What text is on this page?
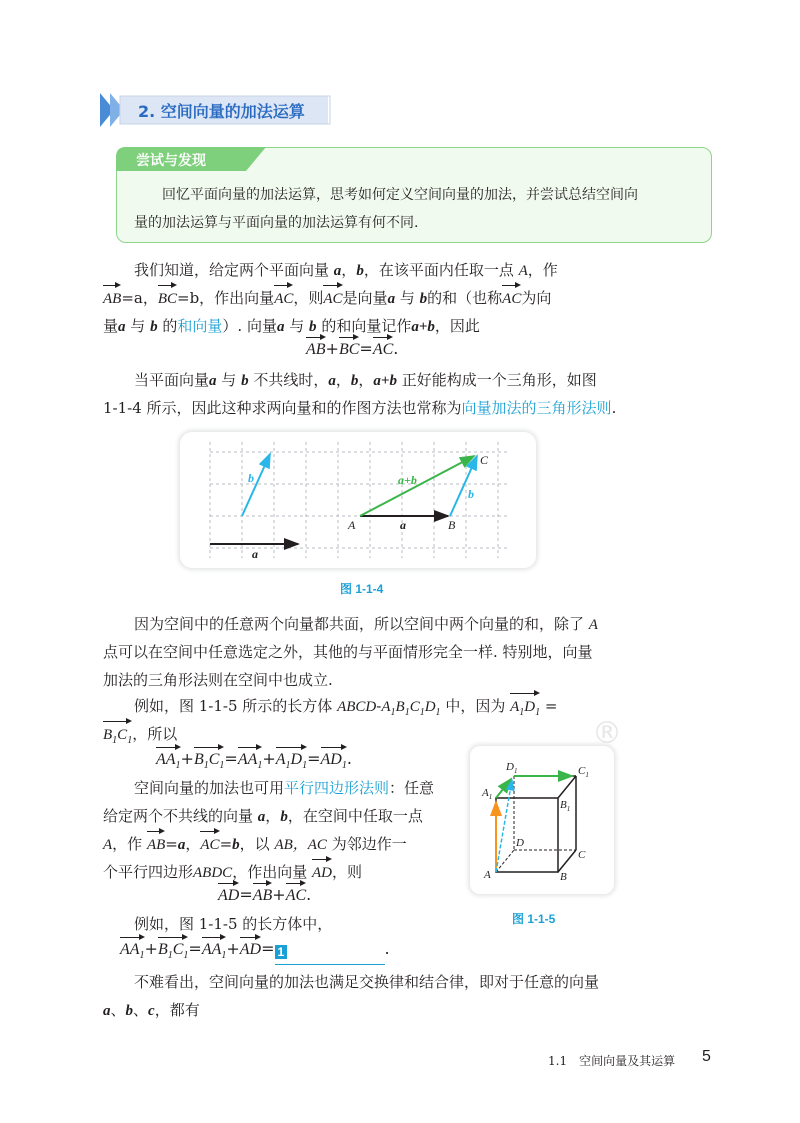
2. 空间向量的加法运算
尝试与发现
回忆平面向量的加法运算，思考如何定义空间向量的加法，并尝试总结空间向
量的加法运算与平面向量的加法运算有何不同.
我们知道，给定两个平面向量 a，b，在该平面内任取一点 A，作
AB=a，BC=b，作出向量AC，则AC是向量a 与 b的和（也称AC为向
量a 与 b 的和向量）. 向量a 与 b 的和向量记作a+b，因此
AB+BC=AC.
当平面向量a 与 b 不共线时，a，b，a+b 正好能构成一个三角形，如图
1-1-4 所示，因此这种求两向量和的作图方法也常称为向量加法的三角形法则.
b
a
a+b
b
a
A	B
C
图 1-1-4
因为空间中的任意两个向量都共面，所以空间中两个向量的和，除了 A
点可以在空间中任意选定之外，其他的与平面情形完全一样. 特别地，向量
加法的三角形法则在空间中也成立.
例如，图 1-1-5 所示的长方体 ABCD-$A_1B_1C_1D_1$ 中，因为 $A_1D_1$ =
$B_1C_1$，所以
$AA_1+B_1C_1=AA_1+A_1D_1=AD_1$.
空间向量的加法也可用平行四边形法则：任意
给定两个不共线的向量 a，b，在空间中任取一点
A，作 AB=a，AC=b，以 AB，AC 为邻边作一
个平行四边形ABDC，作出向量 AD，则
AD=AB+AC.
例如，图 1-1-5 的长方体中，
$AA_1+B_1C_1=AA_1+AD= 1$	.
不难看出，空间向量的加法也满足交换律和结合律，即对于任意的向量
a、b、c，都有
$D_1$	$C_1$
$A_1$
$B_1$
D
C
A	B
图 1-1-5
®
1.1　空间向量及其运算 5
